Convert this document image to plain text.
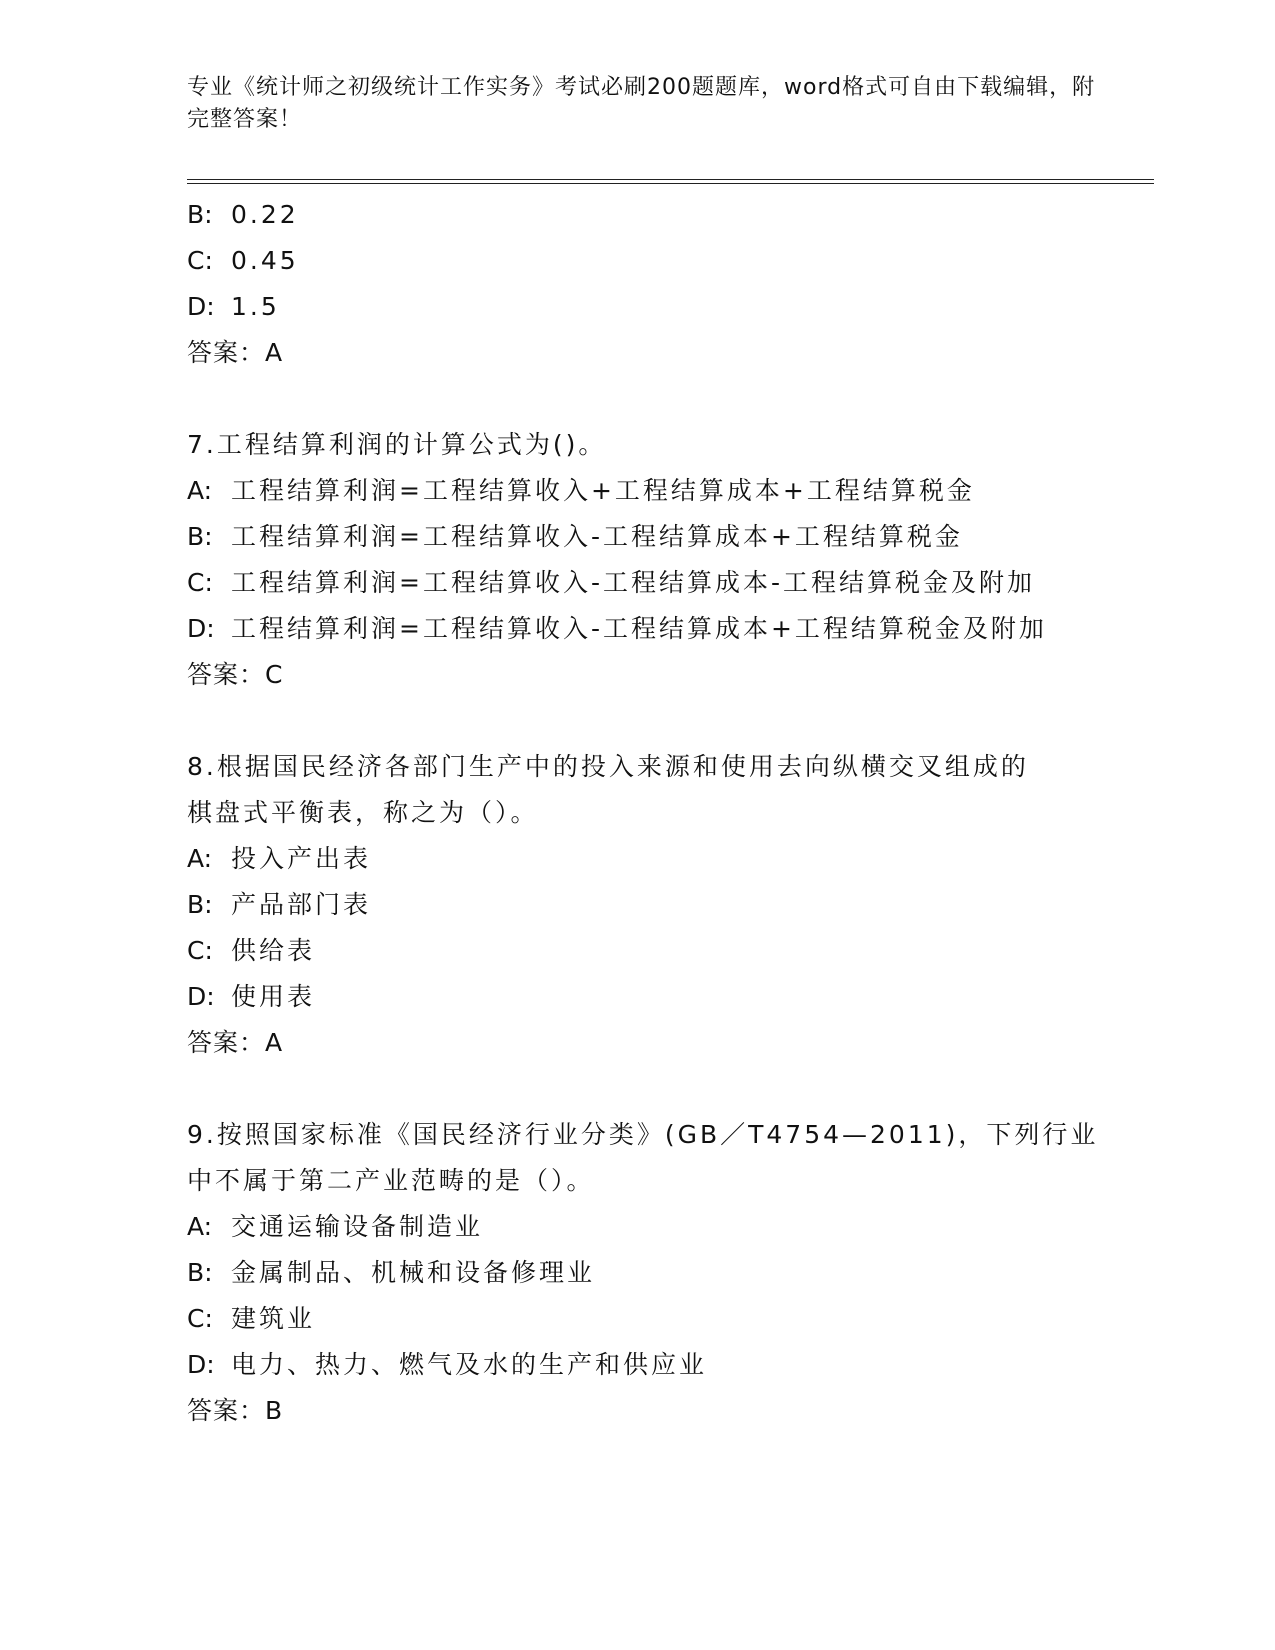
专业《统计师之初级统计工作实务》考试必刷200题题库，word格式可自由下载编辑，附完整答案！
B: 0.22
C: 0.45
D: 1.5
答案：A
7.工程结算利润的计算公式为()。
A: 工程结算利润=工程结算收入+工程结算成本+工程结算税金
B: 工程结算利润=工程结算收入-工程结算成本+工程结算税金
C: 工程结算利润=工程结算收入-工程结算成本-工程结算税金及附加
D: 工程结算利润=工程结算收入-工程结算成本+工程结算税金及附加
答案：C
8.根据国民经济各部门生产中的投入来源和使用去向纵横交叉组成的
棋盘式平衡表，称之为（）。
A: 投入产出表
B: 产品部门表
C: 供给表
D: 使用表
答案：A
9.按照国家标准《国民经济行业分类》(GB／T4754—2011)，下列行业
中不属于第二产业范畴的是（）。
A: 交通运输设备制造业
B: 金属制品、机械和设备修理业
C: 建筑业
D: 电力、热力、燃气及水的生产和供应业
答案：B
